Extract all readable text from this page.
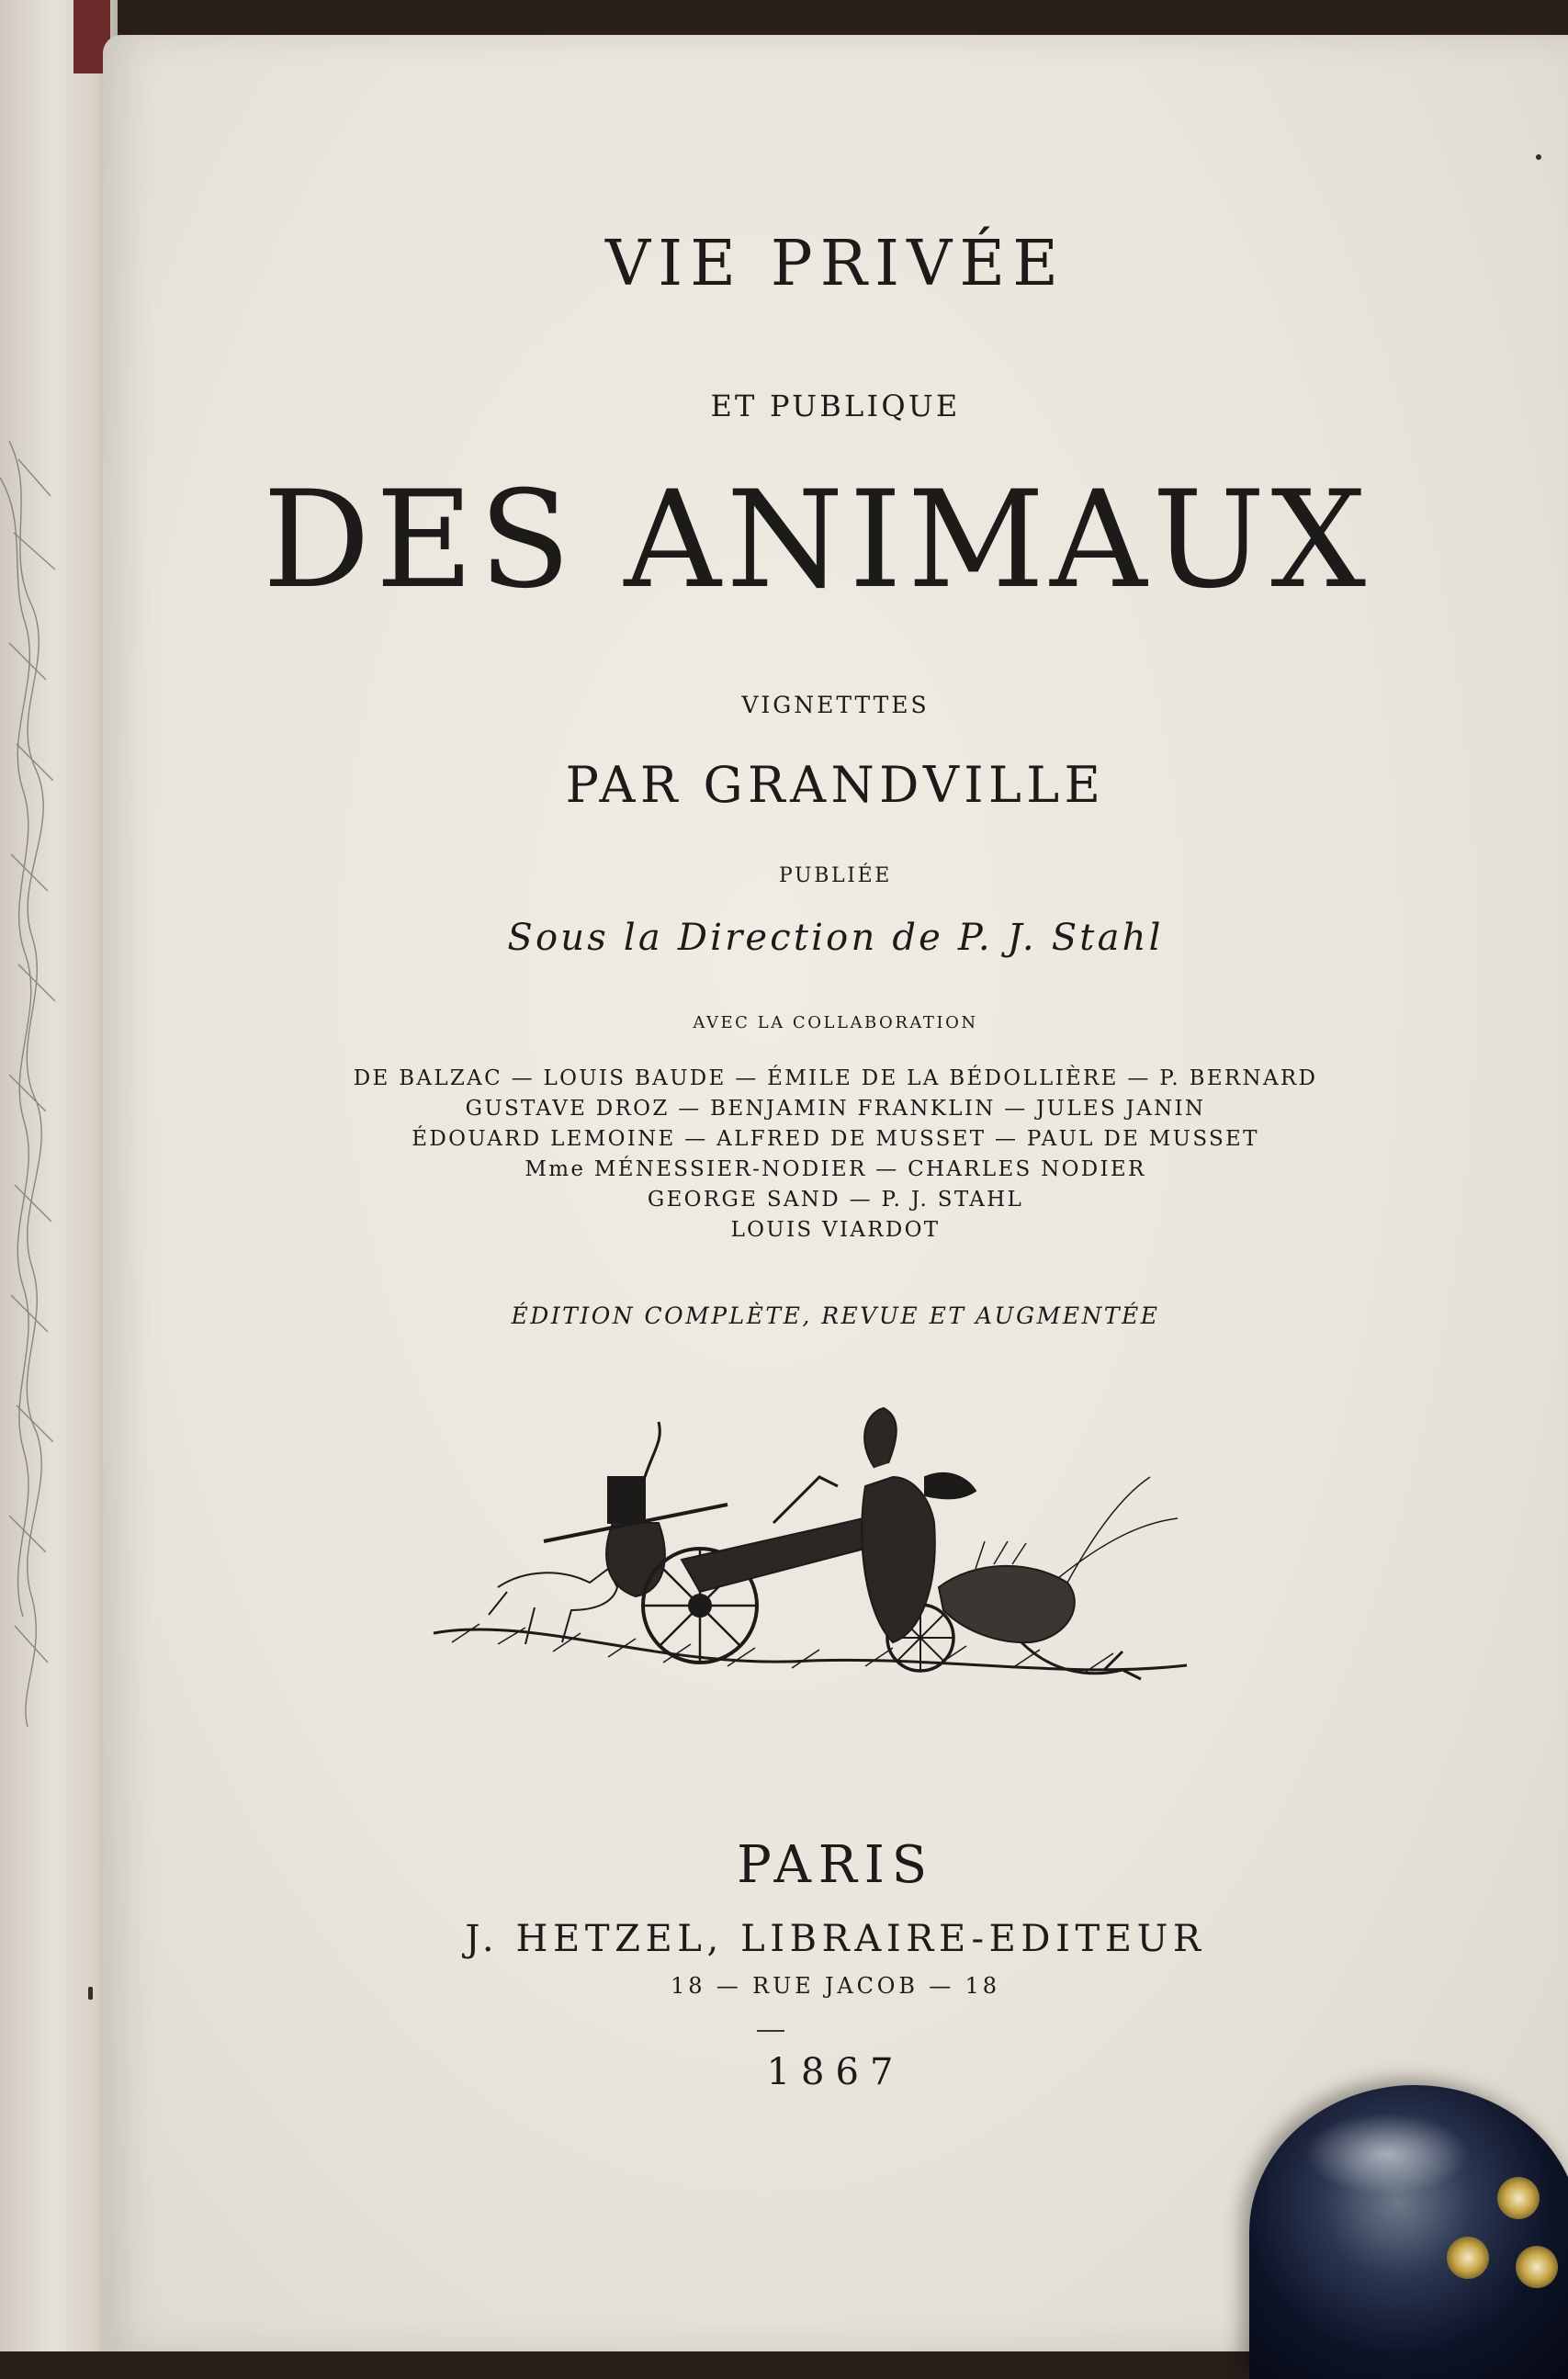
VIE PRIVÉE
ET PUBLIQUE
DES ANIMAUX
VIGNETTTES
PAR GRANDVILLE
PUBLIÉE
Sous la Direction de P. J. Stahl
AVEC LA COLLABORATION
DE BALZAC — LOUIS BAUDE — ÉMILE DE LA BÉDOLLIÈRE — P. BERNARD
GUSTAVE DROZ — BENJAMIN FRANKLIN — JULES JANIN
ÉDOUARD LEMOINE — ALFRED DE MUSSET — PAUL DE MUSSET
Mme MÉNESSIER-NODIER — CHARLES NODIER
GEORGE SAND — P. J. STAHL
LOUIS VIARDOT
ÉDITION COMPLÈTE, REVUE ET AUGMENTÉE
PARIS
J. HETZEL, LIBRAIRE-EDITEUR
18 — RUE JACOB — 18
1867
